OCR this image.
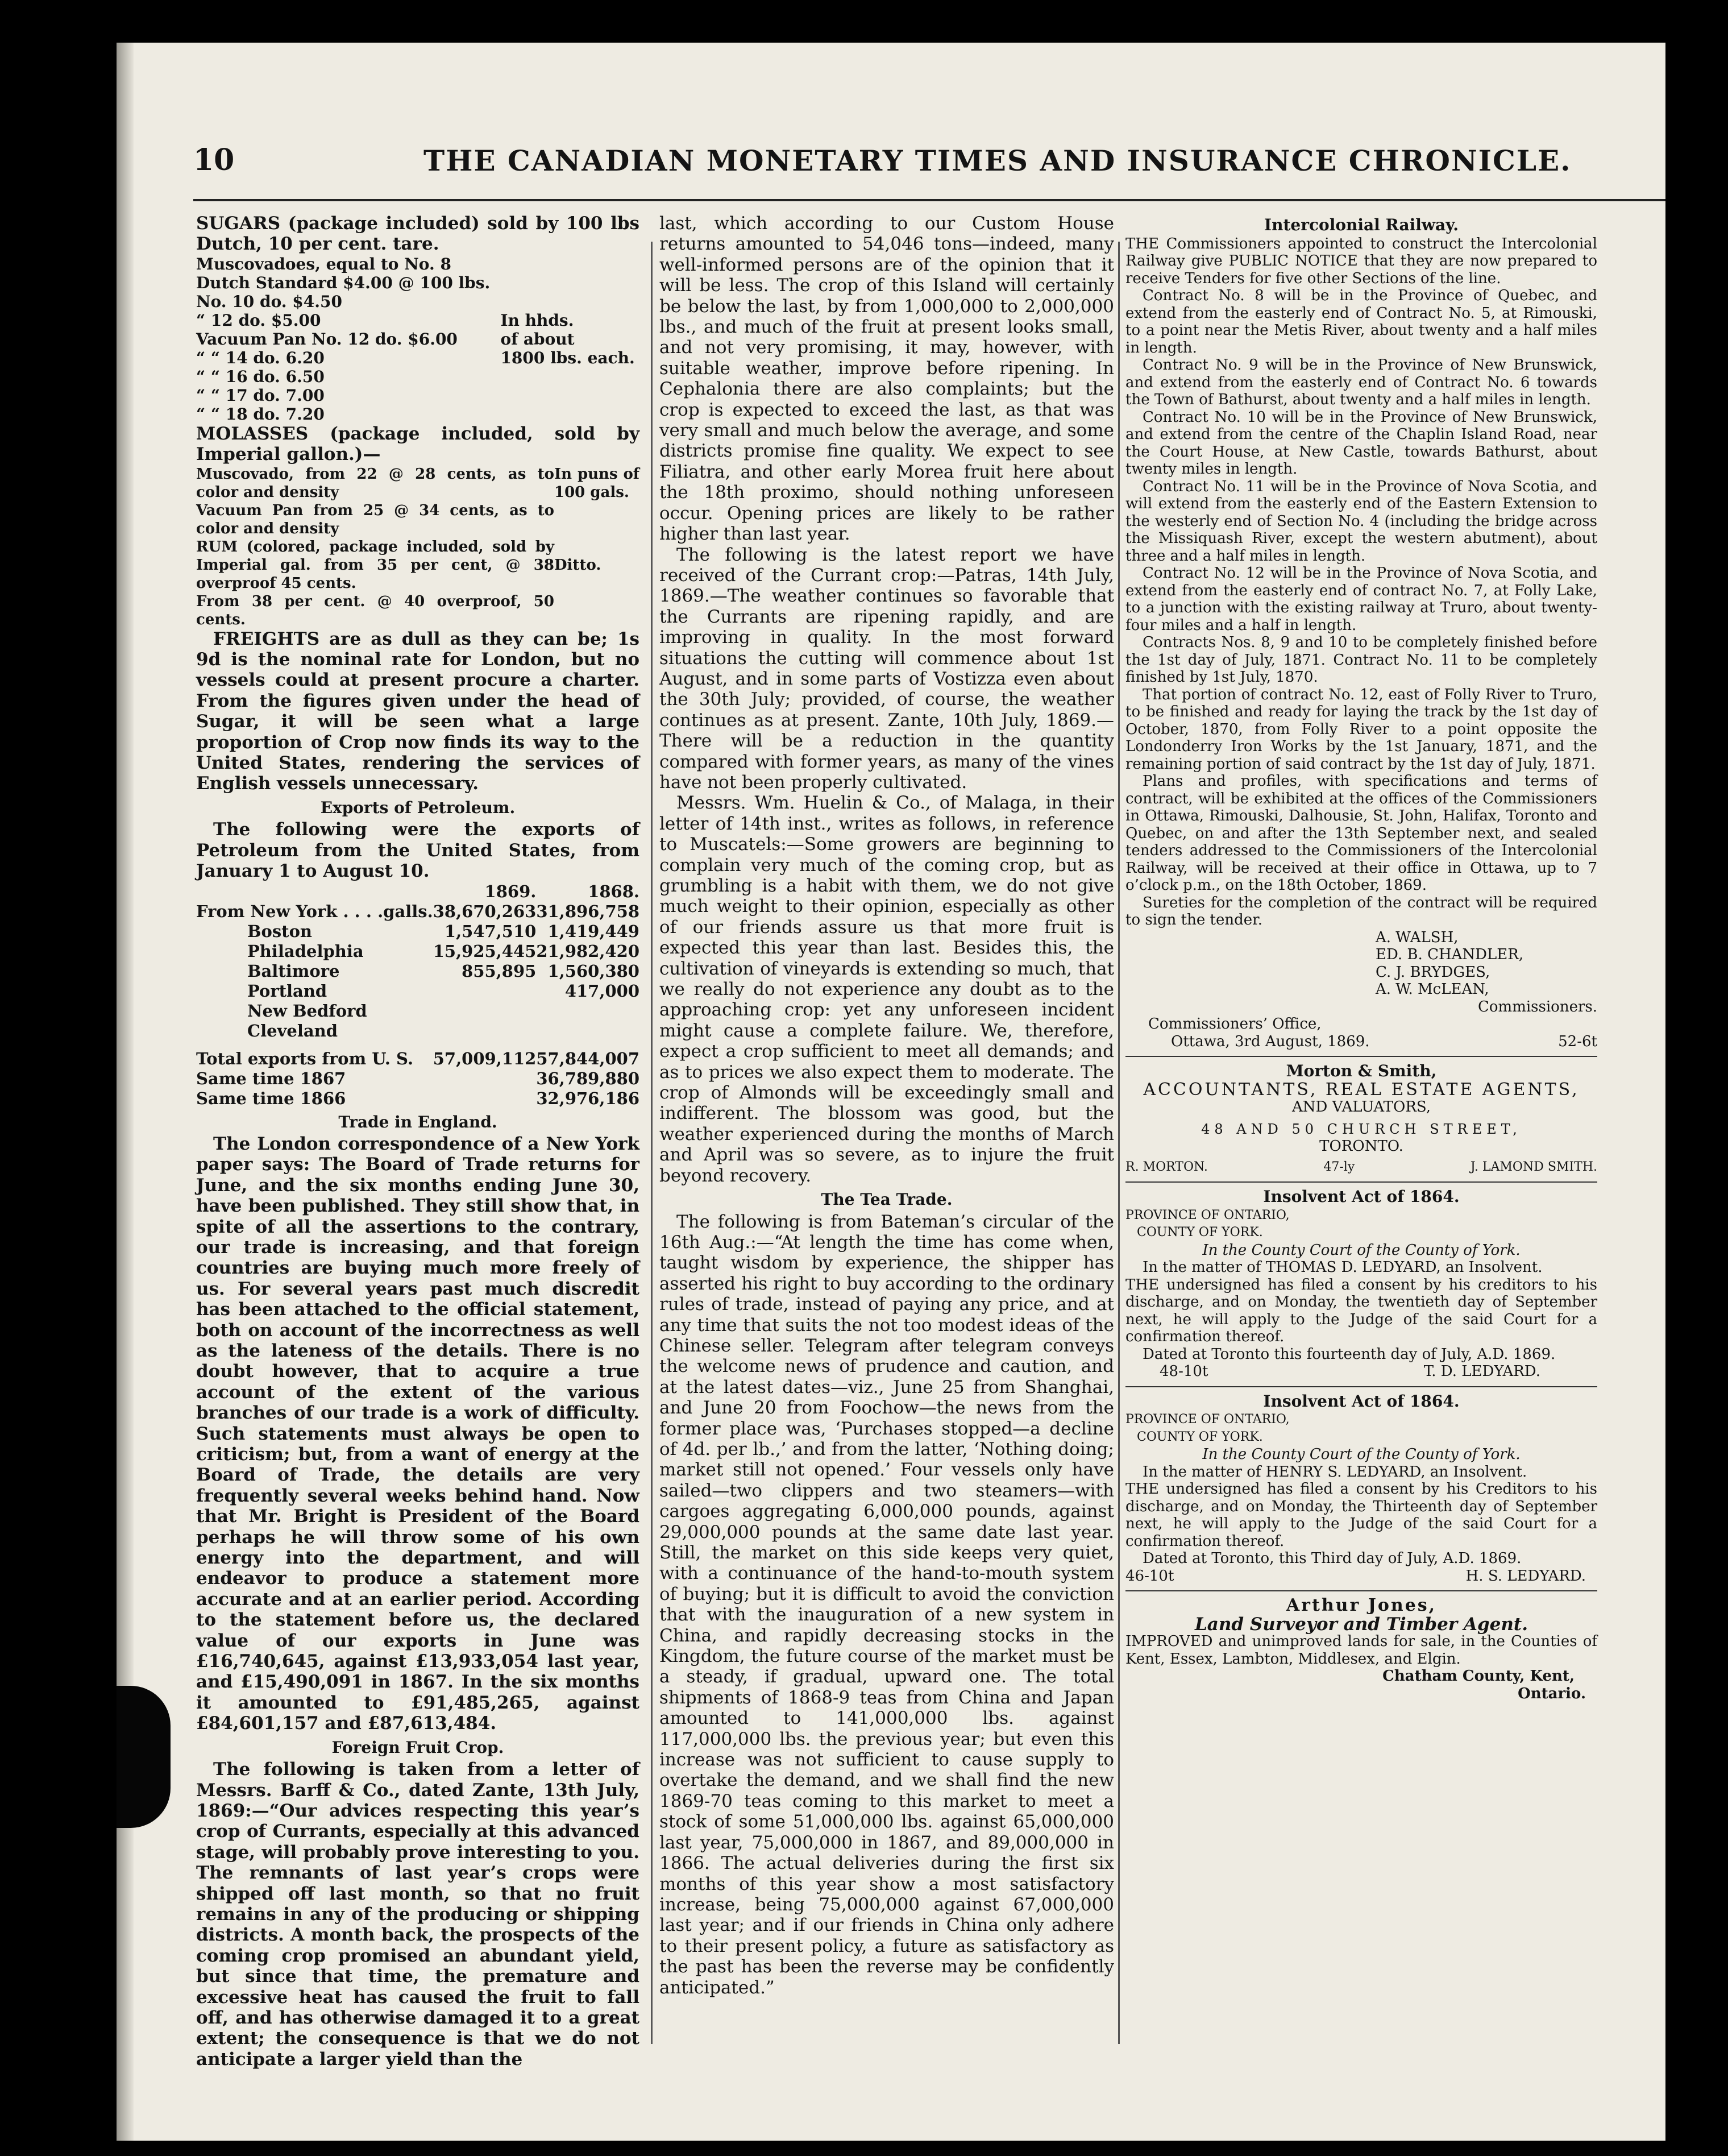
10	THE CANADIAN MONETARY TIMES AND INSURANCE CHRONICLE.

SUGARS (package included) sold by 100 lbs Dutch, 10 per cent. tare.

Muscovadoes, equal to No. 8	
Dutch Standard $4.00 @ 100 lbs.	
No. 10 do. $4.50	
“ 12 do. $5.00	In hhds.
Vacuum Pan No. 12 do. $6.00	of about
“ “ 14 do. 6.20	1800 lbs. each.
“ “ 16 do. 6.50	
“ “ 17 do. 7.00	
“ “ 18 do. 7.20	

MOLASSES (package included, sold by Imperial gallon.)—

Muscovado, from 22 @ 28 cents, as to color and density	In puns of 100 gals.
Vacuum Pan from 25 @ 34 cents, as to color and density	
RUM (colored, package included, sold by Imperial gal. from 35 per cent, @ 38 overproof 45 cents.	Ditto.
From 38 per cent. @ 40 overproof, 50 cents.	

FREIGHTS are as dull as they can be; 1s 9d is the nominal rate for London, but no vessels could at present procure a charter. From the figures given under the head of Sugar, it will be seen what a large proportion of Crop now finds its way to the United States, rendering the services of English vessels unnecessary.

Exports of Petroleum.

The following were the exports of Petroleum from the United States, from January 1 to August 10.

	1869.	1868.
From New York . . . .galls.	38,670,263	31,896,758
Boston	1,547,510	1,419,449
Philadelphia	15,925,445	21,982,420
Baltimore	855,895	1,560,380
Portland		417,000
New Bedford		
Cleveland		
Total exports from U. S.	57,009,112	57,844,007
Same time 1867		36,789,880
Same time 1866		32,976,186
Trade in England.

The London correspondence of a New York paper says: The Board of Trade returns for June, and the six months ending June 30, have been published. They still show that, in spite of all the assertions to the contrary, our trade is increasing, and that foreign countries are buying much more freely of us. For several years past much discredit has been attached to the official statement, both on account of the incorrectness as well as the lateness of the details. There is no doubt however, that to acquire a true account of the extent of the various branches of our trade is a work of difficulty. Such statements must always be open to criticism; but, from a want of energy at the Board of Trade, the details are very frequently several weeks behind hand. Now that Mr. Bright is President of the Board perhaps he will throw some of his own energy into the department, and will endeavor to produce a statement more accurate and at an earlier period. According to the statement before us, the declared value of our exports in June was £16,740,645, against £13,933,054 last year, and £15,490,091 in 1867. In the six months it amounted to £91,485,265, against £84,601,157 and £87,613,484.

Foreign Fruit Crop.

The following is taken from a letter of Messrs. Barff & Co., dated Zante, 13th July, 1869:—“Our advices respecting this year’s crop of Currants, especially at this advanced stage, will probably prove interesting to you. The remnants of last year’s crops were shipped off last month, so that no fruit remains in any of the producing or shipping districts. A month back, the prospects of the coming crop promised an abundant yield, but since that time, the premature and excessive heat has caused the fruit to fall off, and has otherwise damaged it to a great extent; the consequence is that we do not anticipate a larger yield than the

last, which according to our Custom House returns amounted to 54,046 tons—indeed, many well-informed persons are of the opinion that it will be less. The crop of this Island will certainly be below the last, by from 1,000,000 to 2,000,000 lbs., and much of the fruit at present looks small, and not very promising, it may, however, with suitable weather, improve before ripening. In Cephalonia there are also complaints; but the crop is expected to exceed the last, as that was very small and much below the average, and some districts promise fine quality. We expect to see Filiatra, and other early Morea fruit here about the 18th proximo, should nothing unforeseen occur. Opening prices are likely to be rather higher than last year.

The following is the latest report we have received of the Currant crop:—Patras, 14th July, 1869.—The weather continues so favorable that the Currants are ripening rapidly, and are improving in quality. In the most forward situations the cutting will commence about 1st August, and in some parts of Vostizza even about the 30th July; provided, of course, the weather continues as at present. Zante, 10th July, 1869.—There will be a reduction in the quantity compared with former years, as many of the vines have not been properly cultivated.

Messrs. Wm. Huelin & Co., of Malaga, in their letter of 14th inst., writes as follows, in reference to Muscatels:—Some growers are beginning to complain very much of the coming crop, but as grumbling is a habit with them, we do not give much weight to their opinion, especially as other of our friends assure us that more fruit is expected this year than last. Besides this, the cultivation of vineyards is extending so much, that we really do not experience any doubt as to the approaching crop: yet any unforeseen incident might cause a complete failure. We, therefore, expect a crop sufficient to meet all demands; and as to prices we also expect them to moderate. The crop of Almonds will be exceedingly small and indifferent. The blossom was good, but the weather experienced during the months of March and April was so severe, as to injure the fruit beyond recovery.

The Tea Trade.

The following is from Bateman’s circular of the 16th Aug.:—“At length the time has come when, taught wisdom by experience, the shipper has asserted his right to buy according to the ordinary rules of trade, instead of paying any price, and at any time that suits the not too modest ideas of the Chinese seller. Telegram after telegram conveys the welcome news of prudence and caution, and at the latest dates—viz., June 25 from Shanghai, and June 20 from Foochow—the news from the former place was, ‘Purchases stopped—a decline of 4d. per lb.,’ and from the latter, ‘Nothing doing; market still not opened.’ Four vessels only have sailed—two clippers and two steamers—with cargoes aggregating 6,000,000 pounds, against 29,000,000 pounds at the same date last year. Still, the market on this side keeps very quiet, with a continuance of the hand-to-mouth system of buying; but it is difficult to avoid the conviction that with the inauguration of a new system in China, and rapidly decreasing stocks in the Kingdom, the future course of the market must be a steady, if gradual, upward one. The total shipments of 1868-9 teas from China and Japan amounted to 141,000,000 lbs. against 117,000,000 lbs. the previous year; but even this increase was not sufficient to cause supply to overtake the demand, and we shall find the new 1869-70 teas coming to this market to meet a stock of some 51,000,000 lbs. against 65,000,000 last year, 75,000,000 in 1867, and 89,000,000 in 1866. The actual deliveries during the first six months of this year show a most satisfactory increase, being 75,000,000 against 67,000,000 last year; and if our friends in China only adhere to their present policy, a future as satisfactory as the past has been the reverse may be confidently anticipated.”

Intercolonial Railway.

THE Commissioners appointed to construct the Intercolonial Railway give PUBLIC NOTICE that they are now prepared to receive Tenders for five other Sections of the line.

Contract No. 8 will be in the Province of Quebec, and extend from the easterly end of Contract No. 5, at Rimouski, to a point near the Metis River, about twenty and a half miles in length.

Contract No. 9 will be in the Province of New Brunswick, and extend from the easterly end of Contract No. 6 towards the Town of Bathurst, about twenty and a half miles in length.

Contract No. 10 will be in the Province of New Brunswick, and extend from the centre of the Chaplin Island Road, near the Court House, at New Castle, towards Bathurst, about twenty miles in length.

Contract No. 11 will be in the Province of Nova Scotia, and will extend from the easterly end of the Eastern Extension to the westerly end of Section No. 4 (including the bridge across the Missiquash River, except the western abutment), about three and a half miles in length.

Contract No. 12 will be in the Province of Nova Scotia, and extend from the easterly end of contract No. 7, at Folly Lake, to a junction with the existing railway at Truro, about twenty-four miles and a half in length.

Contracts Nos. 8, 9 and 10 to be completely finished before the 1st day of July, 1871. Contract No. 11 to be completely finished by 1st July, 1870.

That portion of contract No. 12, east of Folly River to Truro, to be finished and ready for laying the track by the 1st day of October, 1870, from Folly River to a point opposite the Londonderry Iron Works by the 1st January, 1871, and the remaining portion of said contract by the 1st day of July, 1871.

Plans and profiles, with specifications and terms of contract, will be exhibited at the offices of the Commissioners in Ottawa, Rimouski, Dalhousie, St. John, Halifax, Toronto and Quebec, on and after the 13th September next, and sealed tenders addressed to the Commissioners of the Intercolonial Railway, will be received at their office in Ottawa, up to 7 o’clock p.m., on the 18th October, 1869.

Sureties for the completion of the contract will be required to sign the tender.

A. WALSH,
ED. B. CHANDLER,
C. J. BRYDGES,
A. W. McLEAN,
Commissioners.
Commissioners’ Office,
Ottawa, 3rd August, 1869.	52-6t
Morton & Smith,
ACCOUNTANTS, REAL ESTATE AGENTS,
AND VALUATORS,
48 AND 50 CHURCH STREET,
TORONTO.
R. MORTON.	47-ly	J. LAMOND SMITH.
Insolvent Act of 1864.
PROVINCE OF ONTARIO,
COUNTY OF YORK.
In the County Court of the County of York.
In the matter of THOMAS D. LEDYARD, an Insolvent.

THE undersigned has filed a consent by his creditors to his discharge, and on Monday, the twentieth day of September next, he will apply to the Judge of the said Court for a confirmation thereof.

Dated at Toronto this fourteenth day of July, A.D. 1869.
48-10t	T. D. LEDYARD.
Insolvent Act of 1864.
PROVINCE OF ONTARIO,
COUNTY OF YORK.
In the County Court of the County of York.
In the matter of HENRY S. LEDYARD, an Insolvent.

THE undersigned has filed a consent by his Creditors to his discharge, and on Monday, the Thirteenth day of September next, he will apply to the Judge of the said Court for a confirmation thereof.

Dated at Toronto, this Third day of July, A.D. 1869.
46-10t	H. S. LEDYARD.
Arthur Jones,
Land Surveyor and Timber Agent.

IMPROVED and unimproved lands for sale, in the Counties of Kent, Essex, Lambton, Middlesex, and Elgin.

Chatham County, Kent,
Ontario.
